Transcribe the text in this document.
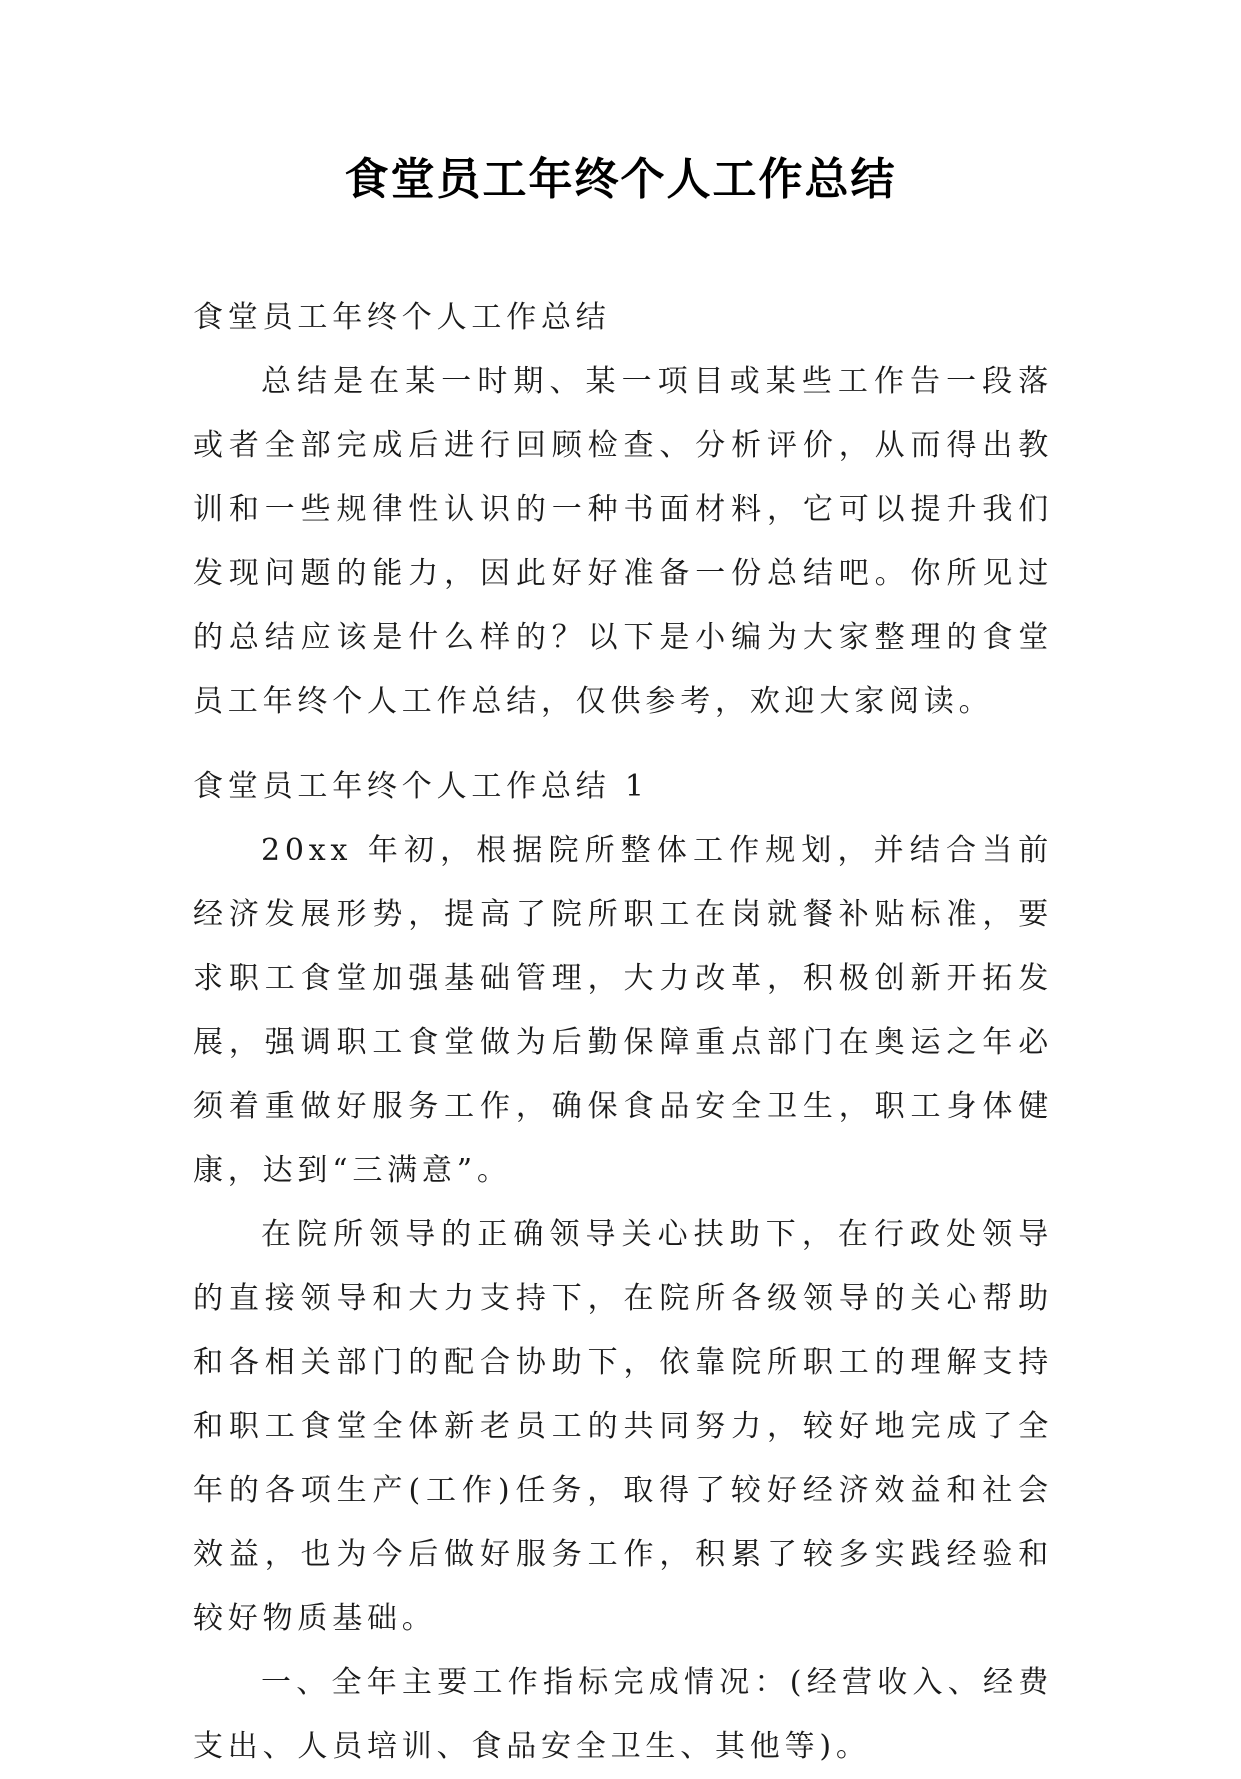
食堂员工年终个人工作总结
食堂员工年终个人工作总结

总结是在某一时期、某一项目或某些工作告一段落或者全部完成后进行回顾检查、分析评价，从而得出教训和一些规律性认识的一种书面材料，它可以提升我们发现问题的能力，因此好好准备一份总结吧。你所见过的总结应该是什么样的？以下是小编为大家整理的食堂员工年终个人工作总结，仅供参考，欢迎大家阅读。

食堂员工年终个人工作总结 1

20xx 年初，根据院所整体工作规划，并结合当前经济发展形势，提高了院所职工在岗就餐补贴标准，要求职工食堂加强基础管理，大力改革，积极创新开拓发展，强调职工食堂做为后勤保障重点部门在奥运之年必须着重做好服务工作，确保食品安全卫生，职工身体健康，达到“三满意”。

在院所领导的正确领导关心扶助下，在行政处领导的直接领导和大力支持下，在院所各级领导的关心帮助和各相关部门的配合协助下，依靠院所职工的理解支持和职工食堂全体新老员工的共同努力，较好地完成了全年的各项生产(工作)任务，取得了较好经济效益和社会效益，也为今后做好服务工作，积累了较多实践经验和较好物质基础。

一、全年主要工作指标完成情况：(经营收入、经费支出、人员培训、食品安全卫生、其他等)。
